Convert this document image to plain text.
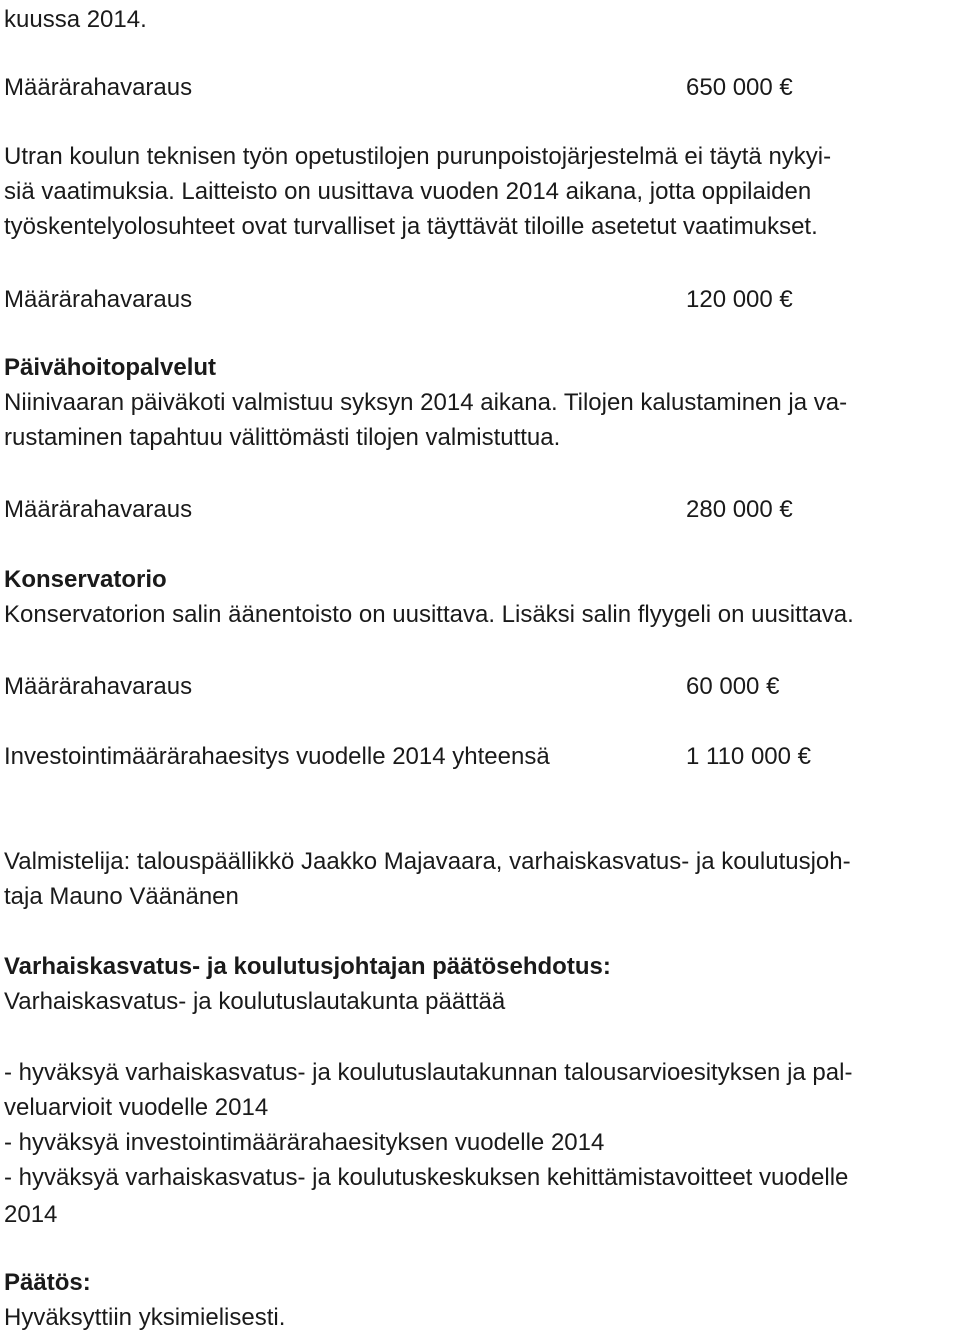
kuussa 2014.
Määrärahavaraus	650 000 €
Utran koulun teknisen työn opetustilojen purunpoistojärjestelmä ei täytä nykyi-
siä vaatimuksia. Laitteisto on uusittava vuoden 2014 aikana, jotta oppilaiden
työskentelyolosuhteet ovat turvalliset ja täyttävät tiloille asetetut vaatimukset.
Määrärahavaraus	120 000 €
Päivähoitopalvelut
Niinivaaran päiväkoti valmistuu syksyn 2014 aikana. Tilojen kalustaminen ja va-
rustaminen tapahtuu välittömästi tilojen valmistuttua.
Määrärahavaraus	280 000 €
Konservatorio
Konservatorion salin äänentoisto on uusittava. Lisäksi salin flyygeli on uusittava.
Määrärahavaraus	60 000 €
Investointimäärärahaesitys vuodelle 2014 yhteensä	1 110 000 €
Valmistelija: talouspäällikkö Jaakko Majavaara, varhaiskasvatus- ja koulutusjoh-
taja Mauno Väänänen
Varhaiskasvatus- ja koulutusjohtajan päätösehdotus:
Varhaiskasvatus- ja koulutuslautakunta päättää
- hyväksyä varhaiskasvatus- ja koulutuslautakunnan talousarvioesityksen ja pal-
veluarvioit vuodelle 2014
- hyväksyä investointimäärärahaesityksen vuodelle 2014
- hyväksyä varhaiskasvatus- ja koulutuskeskuksen kehittämistavoitteet vuodelle
2014
Päätös:
Hyväksyttiin yksimielisesti.
